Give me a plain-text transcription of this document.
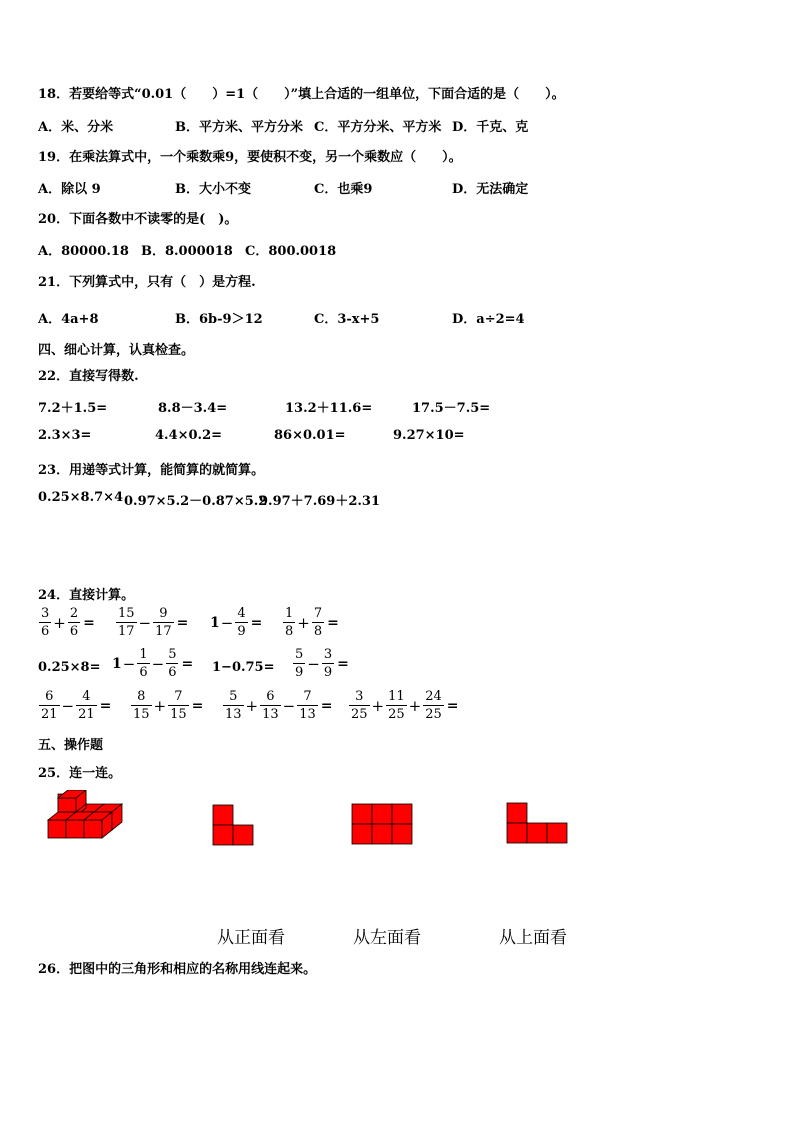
18．若要给等式“0.01（　　）=1（　　）”填上合适的一组单位，下面合适的是（　　）。
A．米、分米	B．平方米、平方分米 C．平方分米、平方米 D．千克、克
19．在乘法算式中，一个乘数乘9，要使积不变，另一个乘数应（　　）。
A．除以 9	B．大小不变	C．也乘9	D．无法确定
20．下面各数中不读零的是(　)。
A．80000.18 B．8.000018 C．800.0018
21．下列算式中，只有（　）是方程.
A．4a+8	B．6b-9＞12	C．3-x+5	D．a÷2=4
四、细心计算，认真检查。
22．直接写得数.
7.2＋1.5=	8.8－3.4=	13.2＋11.6=	17.5－7.5=
2.3×3=	4.4×0.2=	86×0.01=	9.27×10=
23．用递等式计算，能简算的就简算。
0.25×8.7×4 0.97×5.2－0.87×5.2
9.97＋7.69＋2.31
24．直接计算。
$\frac{3}{6} + \frac{2}{6} = \frac{15}{17} - \frac{9}{17} = 1- \frac{4}{9} = \frac{1}{8} + \frac{7}{8}$ =
$0.25\times 8= 1- \frac{1}{6} - \frac{5}{6} = 1-0.75= \frac{5}{9} - \frac{3}{9}$ =
$\frac{6}{21} - \frac{4}{21} = \frac{8}{15} + \frac{7}{15} = \frac{5}{13} + \frac{6}{13} - \frac{7}{13} = \frac{3}{25} + \frac{11}{25} + \frac{24}{25}$ =
五、操作题
25．连一连。
从正面看	从左面看	从上面看
26．把图中的三角形和相应的名称用线连起来。
